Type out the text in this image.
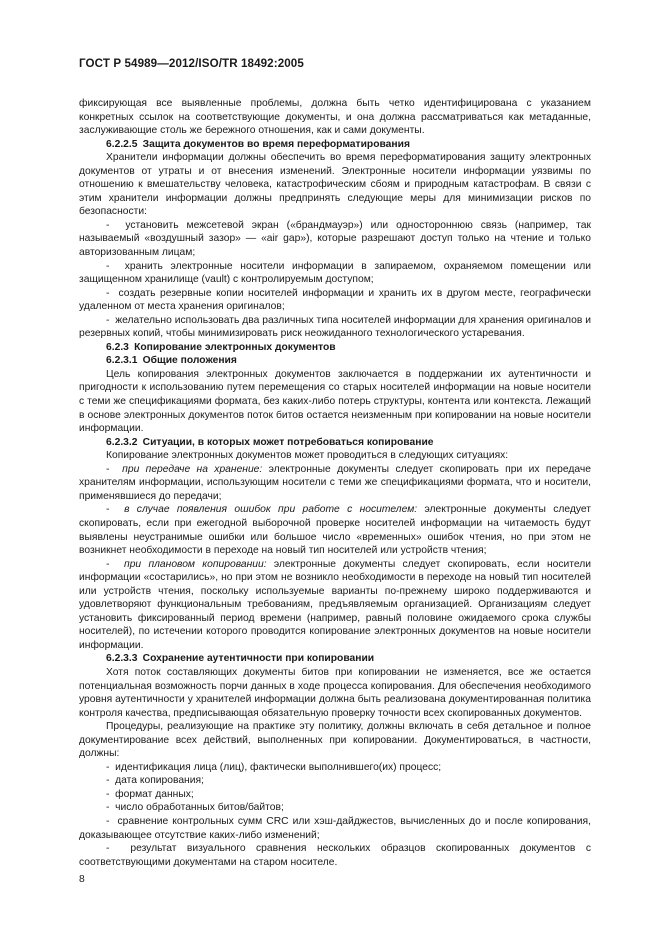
ГОСТ Р 54989—2012/ISO/TR 18492:2005

фиксирующая все выявленные проблемы, должна быть четко идентифицирована с указанием конкретных ссылок на соответствующие документы, и она должна рассматриваться как метаданные, заслуживающие столь же бережного отношения, как и сами документы.

6.2.2.5  Защита документов во время переформатирования

Хранители информации должны обеспечить во время переформатирования защиту электронных документов от утраты и от внесения изменений. Электронные носители информации уязвимы по отношению к вмешательству человека, катастрофическим сбоям и природным катастрофам. В связи с этим хранители информации должны предпринять следующие меры для минимизации рисков по безопасности:

-  установить межсетевой экран («брандмауэр») или одностороннюю связь (например, так называемый «воздушный зазор» — «air gap»), которые разрешают доступ только на чтение и только авторизованным лицам;

-  хранить электронные носители информации в запираемом, охраняемом помещении или защищенном хранилище (vault) с контролируемым доступом;

-  создать резервные копии носителей информации и хранить их в другом месте, географически удаленном от места хранения оригиналов;

-  желательно использовать два различных типа носителей информации для хранения оригиналов и резервных копий, чтобы минимизировать риск неожиданного технологического устаревания.

6.2.3  Копирование электронных документов

6.2.3.1  Общие положения

Цель копирования электронных документов заключается в поддержании их аутентичности и пригодности к использованию путем перемещения со старых носителей информации на новые носители с теми же спецификациями формата, без каких-либо потерь структуры, контента или контекста. Лежащий в основе электронных документов поток битов остается неизменным при копировании на новые носители информации.

6.2.3.2  Ситуации, в которых может потребоваться копирование

Копирование электронных документов может проводиться в следующих ситуациях:

-  при передаче на хранение: электронные документы следует скопировать при их передаче хранителям информации, использующим носители с теми же спецификациями формата, что и носители, применявшиеся до передачи;

-  в случае появления ошибок при работе с носителем: электронные документы следует скопировать, если при ежегодной выборочной проверке носителей информации на читаемость будут выявлены неустранимые ошибки или большое число «временных» ошибок чтения, но при этом не возникнет необходимости в переходе на новый тип носителей или устройств чтения;

-  при плановом копировании: электронные документы следует скопировать, если носители информации «состарились», но при этом не возникло необходимости в переходе на новый тип носителей или устройств чтения, поскольку используемые варианты по-прежнему широко поддерживаются и удовлетворяют функциональным требованиям, предъявляемым организацией. Организациям следует установить фиксированный период времени (например, равный половине ожидаемого срока службы носителей), по истечении которого проводится копирование электронных документов на новые носители информации.

6.2.3.3  Сохранение аутентичности при копировании

Хотя поток составляющих документы битов при копировании не изменяется, все же остается потенциальная возможность порчи данных в ходе процесса копирования. Для обеспечения необходимого уровня аутентичности у хранителей информации должна быть реализована документированная политика контроля качества, предписывающая обязательную проверку точности всех скопированных документов.

Процедуры, реализующие на практике эту политику, должны включать в себя детальное и полное документирование всех действий, выполненных при копировании. Документироваться, в частности, должны:

-  идентификация лица (лиц), фактически выполнившего(их) процесс;

-  дата копирования;

-  формат данных;

-  число обработанных битов/байтов;

-  сравнение контрольных сумм CRC или хэш-дайджестов, вычисленных до и после копирования, доказывающее отсутствие каких-либо изменений;

-  результат визуального сравнения нескольких образцов скопированных документов с соответствующими документами на старом носителе.

8
